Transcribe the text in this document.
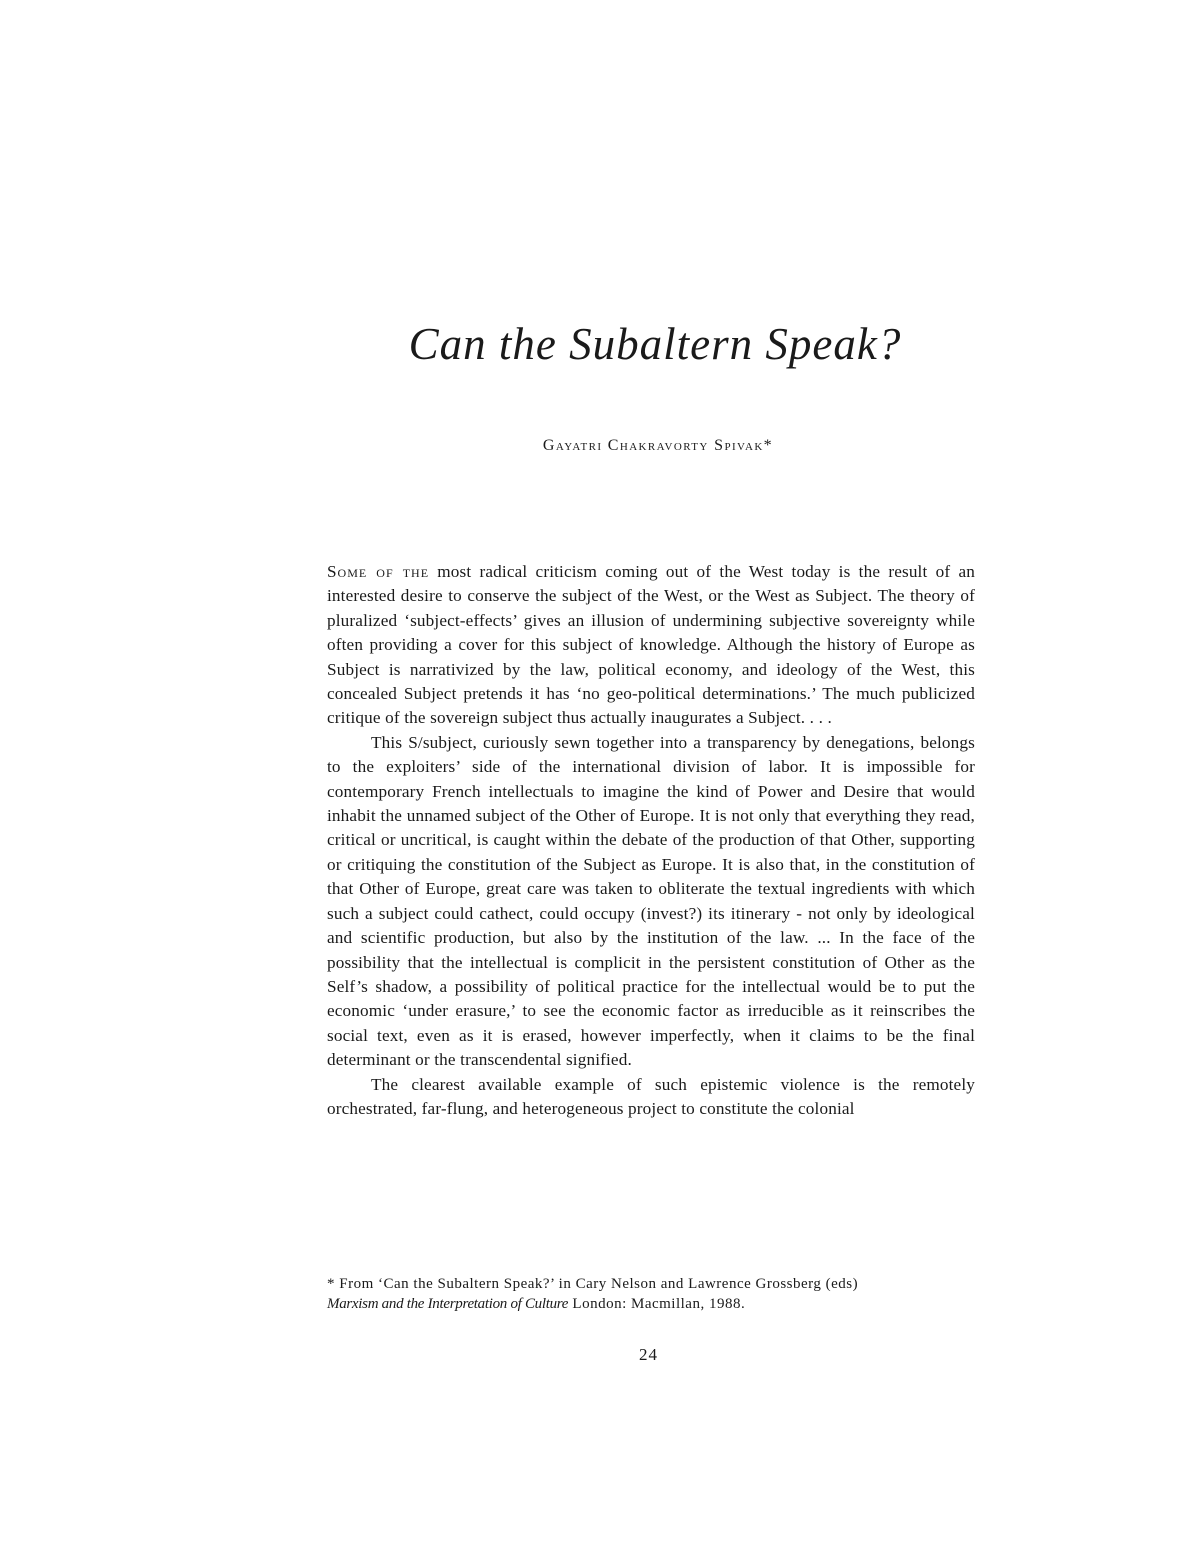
Can the Subaltern Speak?
Gayatri Chakravorty Spivak*

Some of the most radical criticism coming out of the West today is the result of an interested desire to conserve the subject of the West, or the West as Subject. The theory of pluralized ‘subject-effects’ gives an illusion of undermining subjective sovereignty while often providing a cover for this subject of knowledge. Although the history of Europe as Subject is narrativized by the law, political economy, and ideology of the West, this concealed Subject pretends it has ‘no geo-political determinations.’ The much publicized critique of the sovereign subject thus actually inaugurates a Subject. . . .

This S/subject, curiously sewn together into a transparency by denegations, belongs to the exploiters’ side of the international division of labor. It is impossible for contemporary French intellectuals to imagine the kind of Power and Desire that would inhabit the unnamed subject of the Other of Europe. It is not only that everything they read, critical or uncritical, is caught within the debate of the production of that Other, supporting or critiquing the constitution of the Subject as Europe. It is also that, in the constitution of that Other of Europe, great care was taken to obliterate the textual ingredients with which such a subject could cathect, could occupy (invest?) its itinerary - not only by ideological and scientific production, but also by the institution of the law. ... In the face of the possibility that the intellectual is complicit in the persistent constitution of Other as the Self’s shadow, a possibility of political practice for the intellectual would be to put the economic ‘under erasure,’ to see the economic factor as irreducible as it reinscribes the social text, even as it is erased, however imperfectly, when it claims to be the final determinant or the transcendental signified.

The clearest available example of such epistemic violence is the remotely orchestrated, far-flung, and heterogeneous project to constitute the colonial

* From ‘Can the Subaltern Speak?’ in Cary Nelson and Lawrence Grossberg (eds)

Marxism and the Interpretation of Culture London: Macmillan, 1988.

24
